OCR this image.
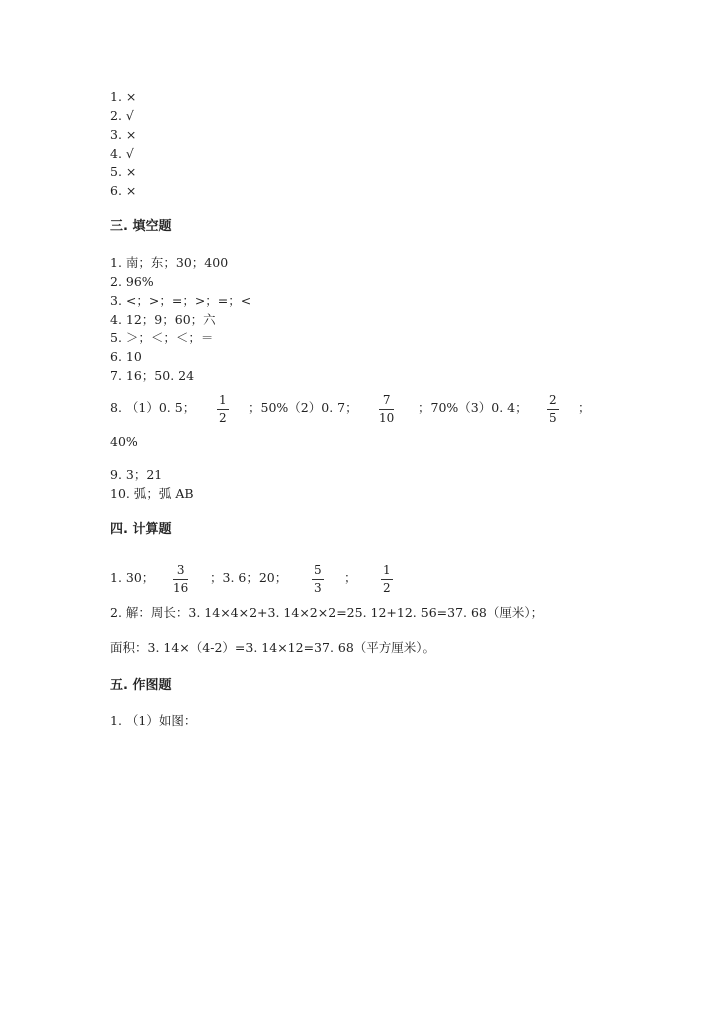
1. ×
2. √
3. ×
4. √
5. ×
6. ×
三. 填空题
1. 南；东；30；400
2. 96%
3. <；>；=；>；=；<
4. 12；9；60；六
5. ＞；＜；＜；＝
6. 10
7. 16；50. 24
8. （1）0. 5； 1
2
；50%（2）0. 7； 7
10
；70%（3）0. 4； 2
5
；
40%
9. 3；21
10. 弧；弧 AB
四. 计算题
1. 30； 3
16
；3. 6；20； 5
3
； 1
2
2. 解：周长：3. 14×4×2+3. 14×2×2=25. 12+12. 56=37. 68（厘米）；
面积：3. 14×（4-2）=3. 14×12=37. 68（平方厘米）。
五. 作图题
1. （1）如图：
